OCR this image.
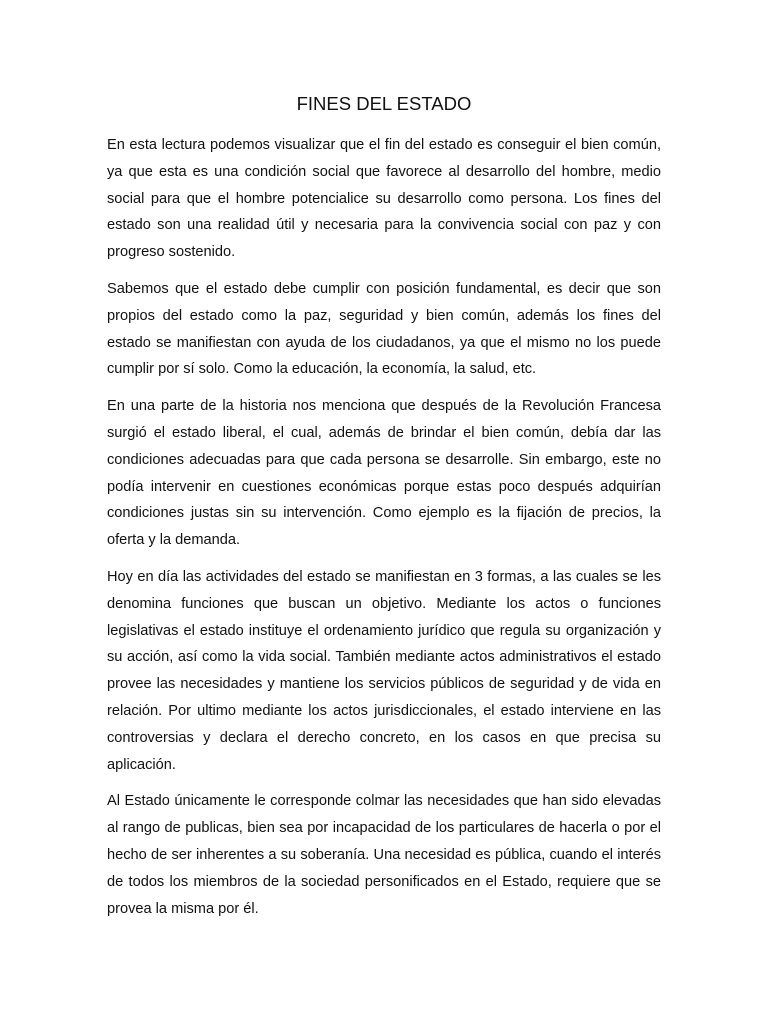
FINES DEL ESTADO

En esta lectura podemos visualizar que el fin del estado es conseguir el bien común, ya que esta es una condición social que favorece al desarrollo del hombre, medio social para que el hombre potencialice su desarrollo como persona. Los fines del estado son una realidad útil y necesaria para la convivencia social con paz y con progreso sostenido.

Sabemos que el estado debe cumplir con posición fundamental, es decir que son propios del estado como la paz, seguridad y bien común, además los fines del estado se manifiestan con ayuda de los ciudadanos, ya que el mismo no los puede cumplir por sí solo. Como la educación, la economía, la salud, etc.

En una parte de la historia nos menciona que después de la Revolución Francesa surgió el estado liberal, el cual, además de brindar el bien común, debía dar las condiciones adecuadas para que cada persona se desarrolle. Sin embargo, este no podía intervenir en cuestiones económicas porque estas poco después adquirían condiciones justas sin su intervención. Como ejemplo es la fijación de precios, la oferta y la demanda.

Hoy en día las actividades del estado se manifiestan en 3 formas, a las cuales se les denomina funciones que buscan un objetivo. Mediante los actos o funciones legislativas el estado instituye el ordenamiento jurídico que regula su organización y su acción, así como la vida social. También mediante actos administrativos el estado provee las necesidades y mantiene los servicios públicos de seguridad y de vida en relación. Por ultimo mediante los actos jurisdiccionales, el estado interviene en las controversias y declara el derecho concreto, en los casos en que precisa su aplicación.

Al Estado únicamente le corresponde colmar las necesidades que han sido elevadas al rango de publicas, bien sea por incapacidad de los particulares de hacerla o por el hecho de ser inherentes a su soberanía. Una necesidad es pública, cuando el interés de todos los miembros de la sociedad personificados en el Estado, requiere que se provea la misma por él.
